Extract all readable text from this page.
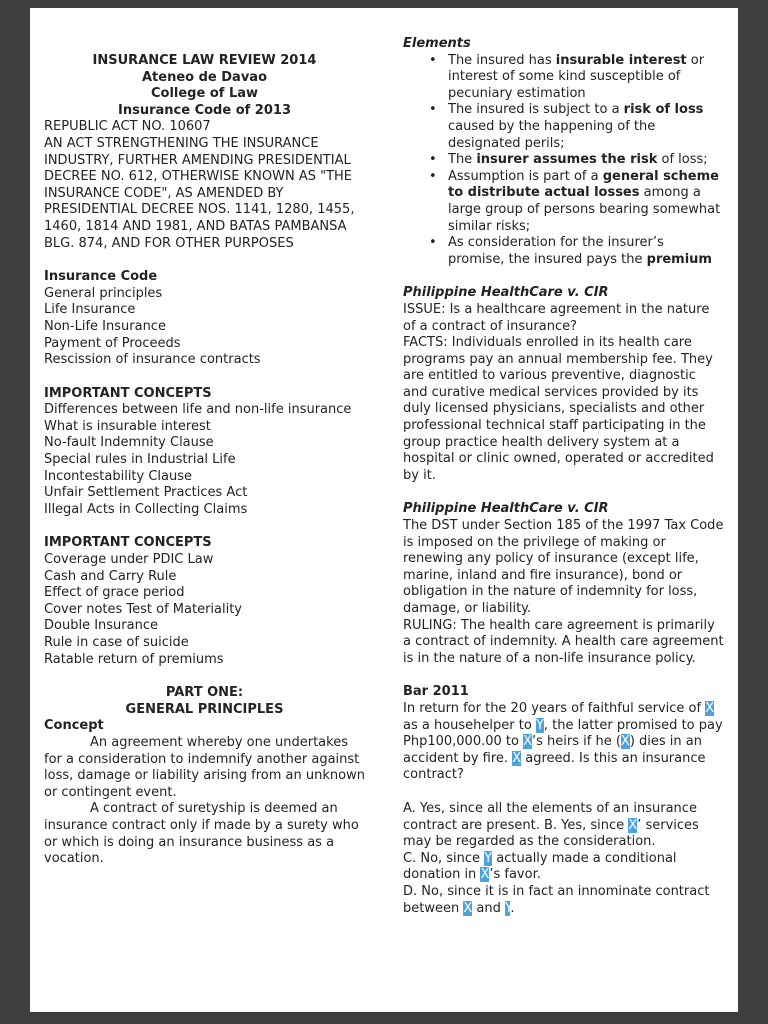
INSURANCE LAW REVIEW 2014
Ateneo de Davao
College of Law
Insurance Code of 2013
REPUBLIC ACT NO. 10607
AN ACT STRENGTHENING THE INSURANCE INDUSTRY, FURTHER AMENDING PRESIDENTIAL DECREE NO. 612, OTHERWISE KNOWN AS "THE INSURANCE CODE", AS AMENDED BY PRESIDENTIAL DECREE NOS. 1141, 1280, 1455, 1460, 1814 AND 1981, AND BATAS PAMBANSA BLG. 874, AND FOR OTHER PURPOSES
Insurance Code
General principles
Life Insurance
Non-Life Insurance
Payment of Proceeds
Rescission of insurance contracts
IMPORTANT CONCEPTS
Differences between life and non-life insurance
What is insurable interest
No-fault Indemnity Clause
Special rules in Industrial Life
Incontestability Clause
Unfair Settlement Practices Act
Illegal Acts in Collecting Claims
IMPORTANT CONCEPTS
Coverage under PDIC Law
Cash and Carry Rule
Effect of grace period
Cover notes Test of Materiality
Double Insurance
Rule in case of suicide
Ratable return of premiums
PART ONE:
GENERAL PRINCIPLES
Concept
An agreement whereby one undertakes for a consideration to indemnify another against loss, damage or liability arising from an unknown or contingent event.
A contract of suretyship is deemed an insurance contract only if made by a surety who or which is doing an insurance business as a vocation.
Elements
• The insured has insurable interest or interest of some kind susceptible of pecuniary estimation
• The insured is subject to a risk of loss caused by the happening of the designated perils;
• The insurer assumes the risk of loss;
• Assumption is part of a general scheme to distribute actual losses among a large group of persons bearing somewhat similar risks;
• As consideration for the insurer’s promise, the insured pays the premium
Philippine HealthCare v. CIR
ISSUE: Is a healthcare agreement in the nature of a contract of insurance?
FACTS: Individuals enrolled in its health care programs pay an annual membership fee. They are entitled to various preventive, diagnostic and curative medical services provided by its duly licensed physicians, specialists and other professional technical staff participating in the group practice health delivery system at a hospital or clinic owned, operated or accredited by it.
Philippine HealthCare v. CIR
The DST under Section 185 of the 1997 Tax Code is imposed on the privilege of making or renewing any policy of insurance (except life, marine, inland and fire insurance), bond or obligation in the nature of indemnity for loss, damage, or liability.
RULING: The health care agreement is primarily a contract of indemnity. A health care agreement is in the nature of a non-life insurance policy.
Bar 2011
In return for the 20 years of faithful service of X as a househelper to Y, the latter promised to pay Php100,000.00 to X’s heirs if he (X) dies in an accident by fire. X agreed. Is this an insurance contract?
A. Yes, since all the elements of an insurance contract are present. B. Yes, since X’ services may be regarded as the consideration.
C. No, since Y actually made a conditional donation in X’s favor.
D. No, since it is in fact an innominate contract between X and Y.
